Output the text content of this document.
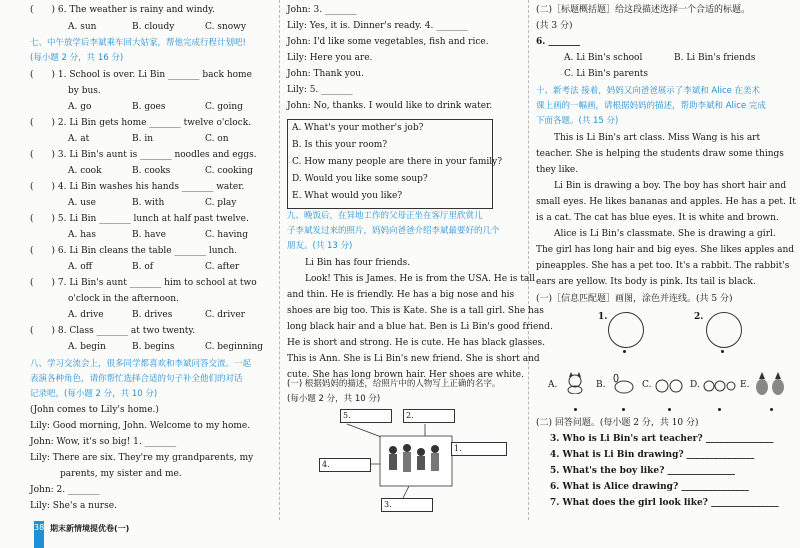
(　　) 6. The weather is rainy and windy.
A. sun	B. cloudy	C. snowy
七、中午放学后李斌乘车回大姑家，帮他完成行程计划吧!
(每小题 2 分，共 16 分)
(　　) 1. School is over. Li Bin _______ back home
by bus.
A. go	B. goes	C. going
(　　) 2. Li Bin gets home _______ twelve o'clock.
A. at	B. in	C. on
(　　) 3. Li Bin's aunt is _______ noodles and eggs.
A. cook	B. cooks	C. cooking
(　　) 4. Li Bin washes his hands _______ water.
A. use	B. with	C. play
(　　) 5. Li Bin _______ lunch at half past twelve.
A. has	B. have	C. having
(　　) 6. Li Bin cleans the table _______ lunch.
A. off	B. of	C. after
(　　) 7. Li Bin's aunt _______ him to school at two
o'clock in the afternoon.
A. drive	B. drives	C. driver
(　　) 8. Class _______ at two twenty.
A. begin	B. begins	C. beginning
八、学习交流会上，很多同学都喜欢和李斌问答交流。一起
表演各种角色，请你帮忙选择合适的句子补全他们的对话
记录吧。(每小题 2 分，共 10 分)
(John comes to Lily's home.)
Lily: Good morning, John. Welcome to my home.
John: Wow, it's so big! 1. _______
Lily: There are six. They're my grandparents, my
parents, my sister and me.
John: 2. _______
Lily: She's a nurse.
John: 3. _______
Lily: Yes, it is. Dinner's ready. 4. _______
John: I'd like some vegetables, fish and rice.
Lily: Here you are.
John: Thank you.
Lily: 5. _______
John: No, thanks. I would like to drink water.
A. What's your mother's job?
B. Is this your room?
C. How many people are there in your family?
D. Would you like some soup?
E. What would you like?
九、晚饭后，在异地工作的父母正坐在客厅里欣赏儿
子李斌发过来的照片，妈妈向爸爸介绍李斌最要好的几个
朋友。(共 13 分)
Li Bin has four friends.
Look! This is James. He is from the USA. He is tall
and thin. He is friendly. He has a big nose and his
shoes are big too. This is Kate. She is a tall girl. She has
long black hair and a blue hat. Ben is Li Bin's good friend.
He is short and strong. He is cute. He has black glasses.
This is Ann. She is Li Bin's new friend. She is short and
cute. She has long brown hair. Her shoes are white.
(一) 根据妈妈的描述，给照片中的人物写上正确的名字。
(每小题 2 分，共 10 分)
5.	2.
1.
4.
3.
(二)［标题概括题］给这段描述选择一个合适的标题。
(共 3 分)
6. _______
A. Li Bin's school	B. Li Bin's friends
C. Li Bin's parents
十、新考法 接着，妈妈又向爸爸展示了李斌和 Alice 在美术
课上画的一幅画，请根据妈妈的描述，帮助李斌和 Alice 完成
下面各题。(共 15 分)
This is Li Bin's art class. Miss Wang is his art
teacher. She is helping the students draw some things
they like.
Li Bin is drawing a boy. The boy has short hair and
small eyes. He likes bananas and apples. He has a pet. It
is a cat. The cat has blue eyes. It is white and brown.
Alice is Li Bin's classmate. She is drawing a girl.
The girl has long hair and big eyes. She likes apples and
pineapples. She has a pet too. It's a rabbit. The rabbit's
ears are yellow. Its body is pink. Its tail is black.
(一)［信息匹配题］画图，涂色并连线。(共 5 分)
1.	2.
A.	B.	C.	D.	E.
(二) 回答问题。(每小题 2 分，共 10 分)
3. Who is Li Bin's art teacher? _______________
4. What is Li Bin drawing? _______________
5. What's the boy like? _______________
6. What is Alice drawing? _______________
7. What does the girl look like? _______________
38 期末新情境提优卷(一)
